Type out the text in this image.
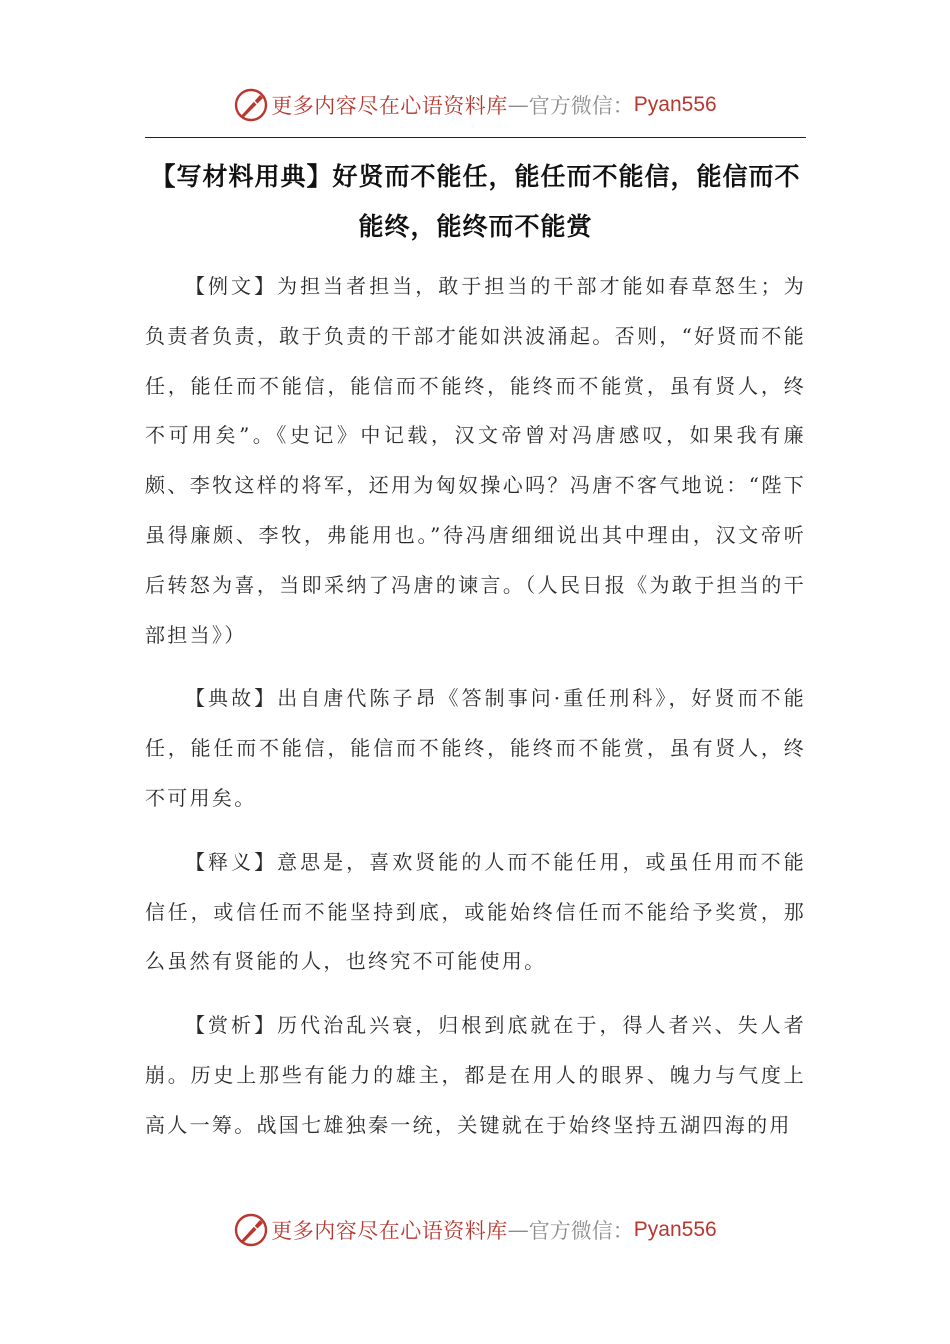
更多内容尽在心语资料库 — 官方微信： Pyan556
【写材料用典】好贤而不能任，能任而不能信，能信而不能终，能终而不能赏

【例文】为担当者担当，敢于担当的干部才能如春草怒生；为负责者负责，敢于负责的干部才能如洪波涌起。否则，“好贤而不能任，能任而不能信，能信而不能终，能终而不能赏，虽有贤人，终不可用矣”。《史记》中记载，汉文帝曾对冯唐感叹，如果我有廉颇、李牧这样的将军，还用为匈奴操心吗？冯唐不客气地说：“陛下虽得廉颇、李牧，弗能用也。”待冯唐细细说出其中理由，汉文帝听后转怒为喜，当即采纳了冯唐的谏言。（人民日报《为敢于担当的干部担当》）

【典故】出自唐代陈子昂《答制事问·重任刑科》，好贤而不能任，能任而不能信，能信而不能终，能终而不能赏，虽有贤人，终不可用矣。

【释义】意思是，喜欢贤能的人而不能任用，或虽任用而不能信任，或信任而不能坚持到底，或能始终信任而不能给予奖赏，那么虽然有贤能的人，也终究不可能使用。

【赏析】历代治乱兴衰，归根到底就在于，得人者兴、失人者崩。历史上那些有能力的雄主，都是在用人的眼界、魄力与气度上高人一筹。战国七雄独秦一统，关键就在于始终坚持五湖四海的用

更多内容尽在心语资料库 — 官方微信： Pyan556
